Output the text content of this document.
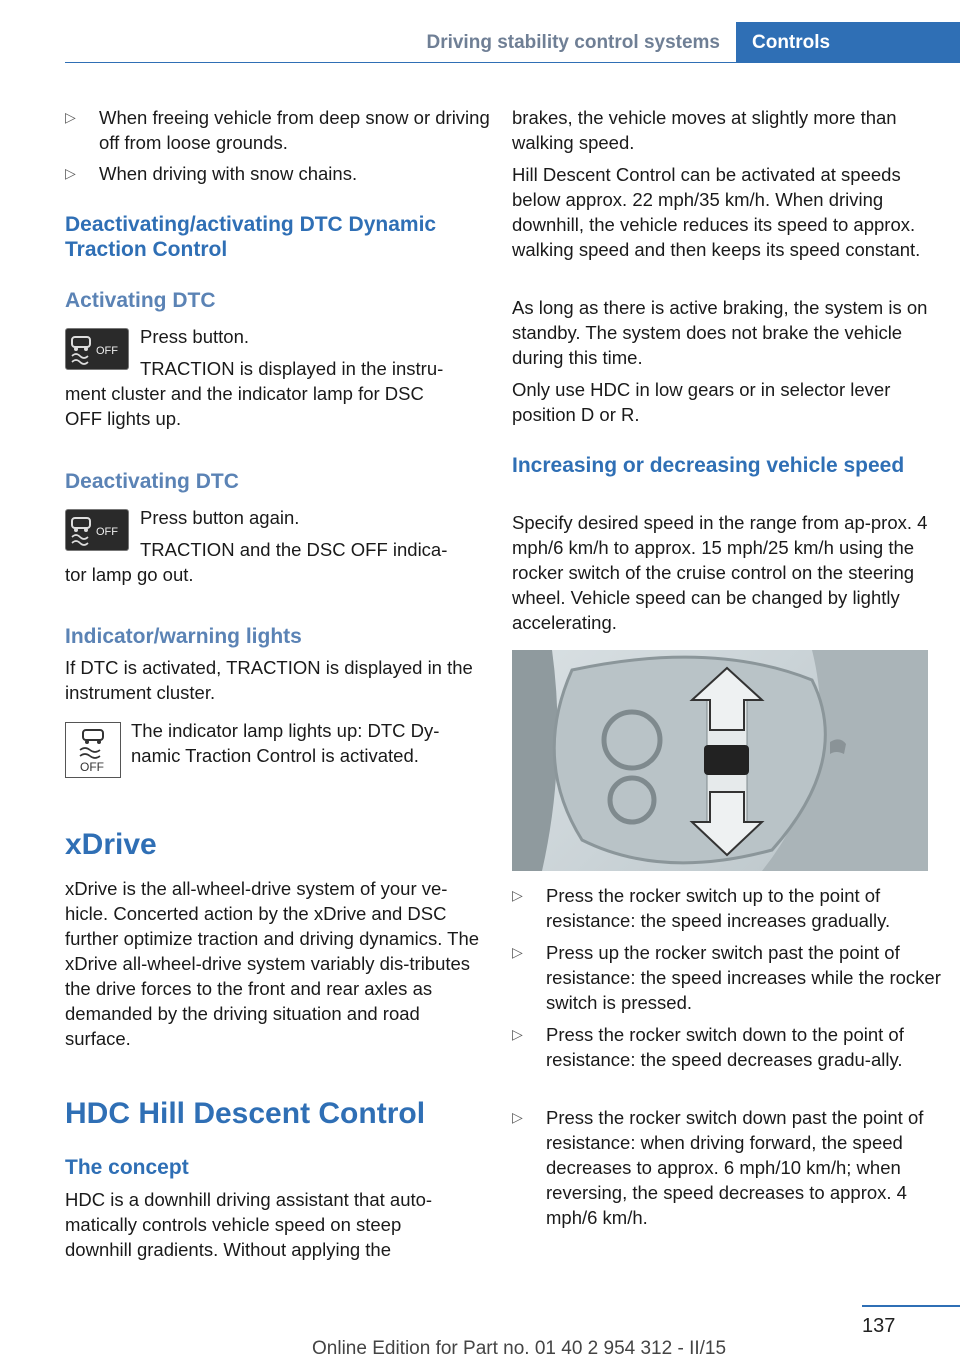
Driving stability control systems	Controls
▷ When freeing vehicle from deep snow or driving off from loose grounds.
▷ When driving with snow chains.
Deactivating/activating DTC Dynamic Traction Control
Activating DTC
OFF

Press button.

TRACTION is displayed in the instru-

ment cluster and the indicator lamp for DSC

OFF lights up.

Deactivating DTC
OFF

Press button again.

TRACTION and the DSC OFF indica-

tor lamp go out.

Indicator/warning lights

If DTC is activated, TRACTION is displayed in the instrument cluster.

OFF

The indicator lamp lights up: DTC Dy-

namic Traction Control is activated.

xDrive

xDrive is the all-wheel-drive system of your ve-hicle. Concerted action by the xDrive and DSC further optimize traction and driving dynamics. The xDrive all-wheel-drive system variably dis-tributes the drive forces to the front and rear axles as demanded by the driving situation and road surface.

HDC Hill Descent Control
The concept

HDC is a downhill driving assistant that auto-matically controls vehicle speed on steep downhill gradients. Without applying the

brakes, the vehicle moves at slightly more than walking speed.

Hill Descent Control can be activated at speeds below approx. 22 mph/35 km/h. When driving downhill, the vehicle reduces its speed to approx. walking speed and then keeps its speed constant.

As long as there is active braking, the system is on standby. The system does not brake the vehicle during this time.

Only use HDC in low gears or in selector lever position D or R.

Increasing or decreasing vehicle speed

Specify desired speed in the range from ap-prox. 4 mph/6 km/h to approx. 15 mph/25 km/h using the rocker switch of the cruise control on the steering wheel. Vehicle speed can be changed by lightly accelerating.

▷ Press the rocker switch up to the point of resistance: the speed increases gradually.
▷ Press up the rocker switch past the point of resistance: the speed increases while the rocker switch is pressed.
▷ Press the rocker switch down to the point of resistance: the speed decreases gradu-ally.
▷ Press the rocker switch down past the point of resistance: when driving forward, the speed decreases to approx. 6 mph/10 km/h; when reversing, the speed decreases to approx. 4 mph/6 km/h.
137
Online Edition for Part no. 01 40 2 954 312 - II/15
